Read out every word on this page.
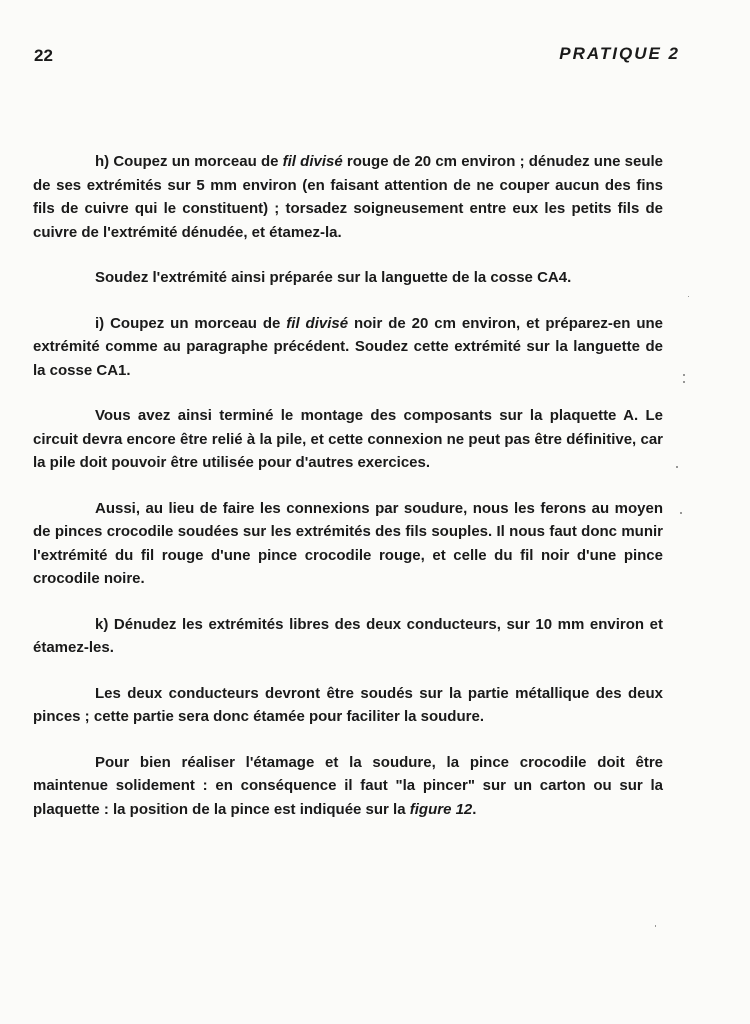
22	PRATIQUE 2

h) Coupez un morceau de fil divisé rouge de 20 cm environ ; dénudez une seule de ses extrémités sur 5 mm environ (en faisant attention de ne couper aucun des fins fils de cuivre qui le constituent) ; torsadez soigneusement entre eux les petits fils de cuivre de l'extrémité dénudée, et étamez-la.

Soudez l'extrémité ainsi préparée sur la languette de la cosse CA4.

i) Coupez un morceau de fil divisé noir de 20 cm environ, et préparez-en une extrémité comme au paragraphe précédent. Soudez cette extrémité sur la languette de la cosse CA1.

Vous avez ainsi terminé le montage des composants sur la plaquette A. Le circuit devra encore être relié à la pile, et cette connexion ne peut pas être définitive, car la pile doit pouvoir être utilisée pour d'autres exercices.

Aussi, au lieu de faire les connexions par soudure, nous les ferons au moyen de pinces crocodile soudées sur les extrémités des fils souples. Il nous faut donc munir l'extrémité du fil rouge d'une pince crocodile rouge, et celle du fil noir d'une pince crocodile noire.

k) Dénudez les extrémités libres des deux conducteurs, sur 10 mm environ et étamez-les.

Les deux conducteurs devront être soudés sur la partie métallique des deux pinces ; cette partie sera donc étamée pour faciliter la soudure.

Pour bien réaliser l'étamage et la soudure, la pince crocodile doit être maintenue solidement : en conséquence il faut "la pincer" sur un carton ou sur la plaquette : la position de la pince est indiquée sur la figure 12.
